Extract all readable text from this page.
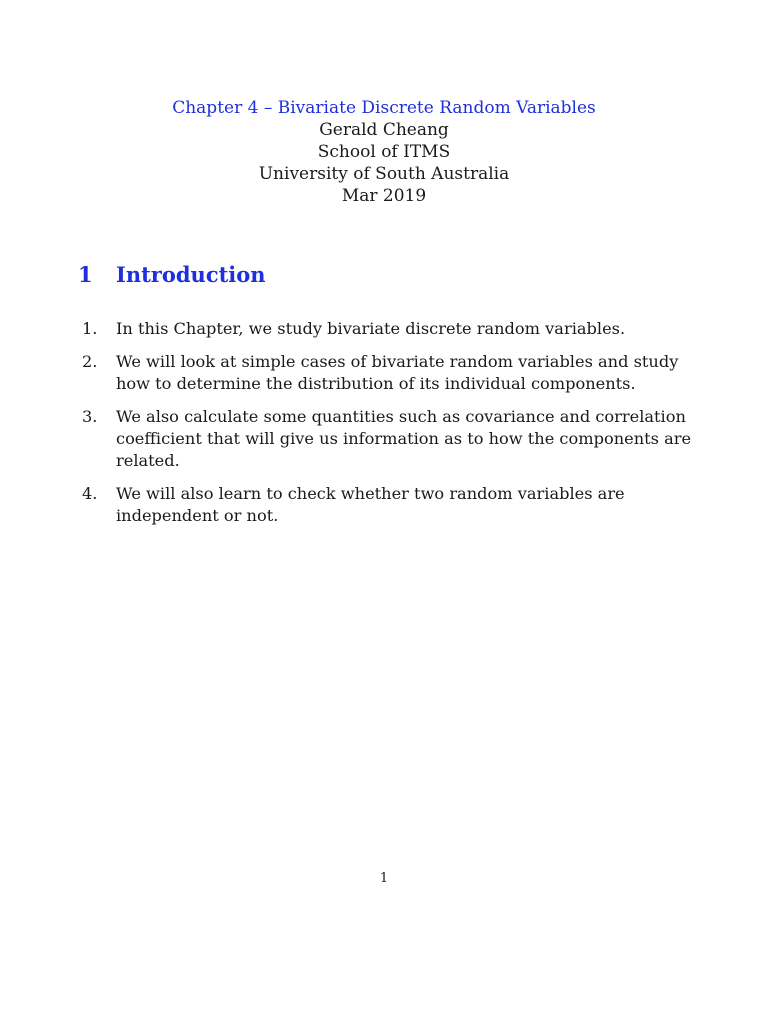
Chapter 4 – Bivariate Discrete Random Variables
Gerald Cheang
School of ITMS
University of South Australia
Mar 2019
1 Introduction
1. In this Chapter, we study bivariate discrete random variables.
2. We will look at simple cases of bivariate random variables and study how to determine the distribution of its individual components.
3. We also calculate some quantities such as covariance and correlation coefficient that will give us information as to how the components are related.
4. We will also learn to check whether two random variables are independent or not.
1
